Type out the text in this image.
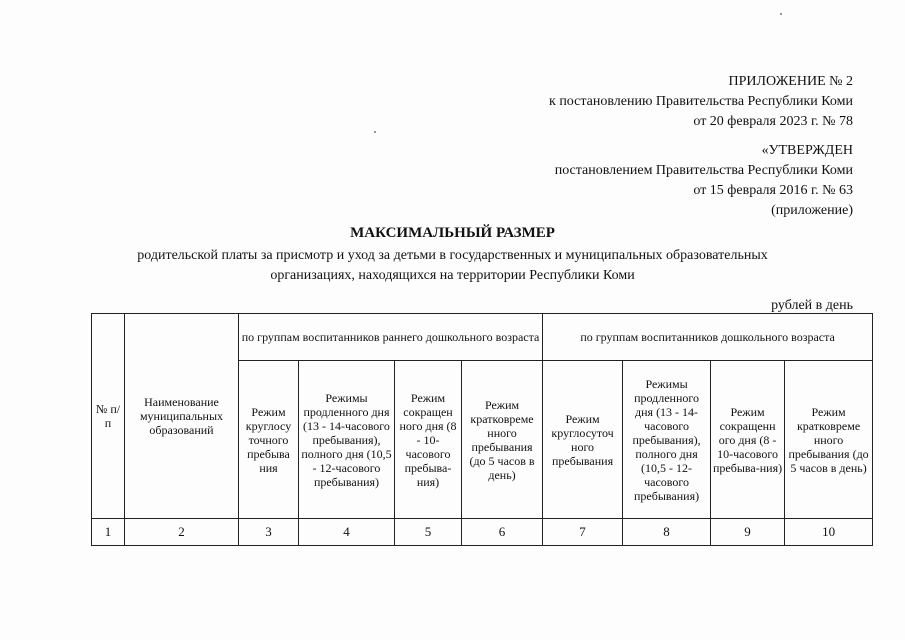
ПРИЛОЖЕНИЕ № 2
к постановлению Правительства Республики Коми
от 20 февраля 2023 г. № 78
«УТВЕРЖДЕН
постановлением Правительства Республики Коми
от 15 февраля 2016 г. № 63
(приложение)
МАКСИМАЛЬНЫЙ РАЗМЕР
родительской платы за присмотр и уход за детьми в государственных и муниципальных образовательных
организациях, находящихся на территории Республики Коми
рублей в день
№ п/п	Наименование муниципальных образований	по группам воспитанников раннего дошкольного возраста				по группам воспитанников дошкольного возраста			
		Режим круглосу точного пребыва ния	Режимы продленного дня (13 - 14-часового пребывания), полного дня (10,5 - 12-часового пребывания)	Режим сокращен ного дня (8 - 10-часового пребыва-ния)	Режим кратковреме нного пребывания (до 5 часов в день)	Режим круглосуточ ного пребывания	Режимы продленного дня (13 - 14-часового пребывания), полного дня (10,5 - 12-часового пребывания)	Режим сокращенн ого дня (8 - 10-часового пребыва-ния)	Режим кратковреме нного пребывания (до 5 часов в день)
1	2	3	4	5	6	7	8	9	10
